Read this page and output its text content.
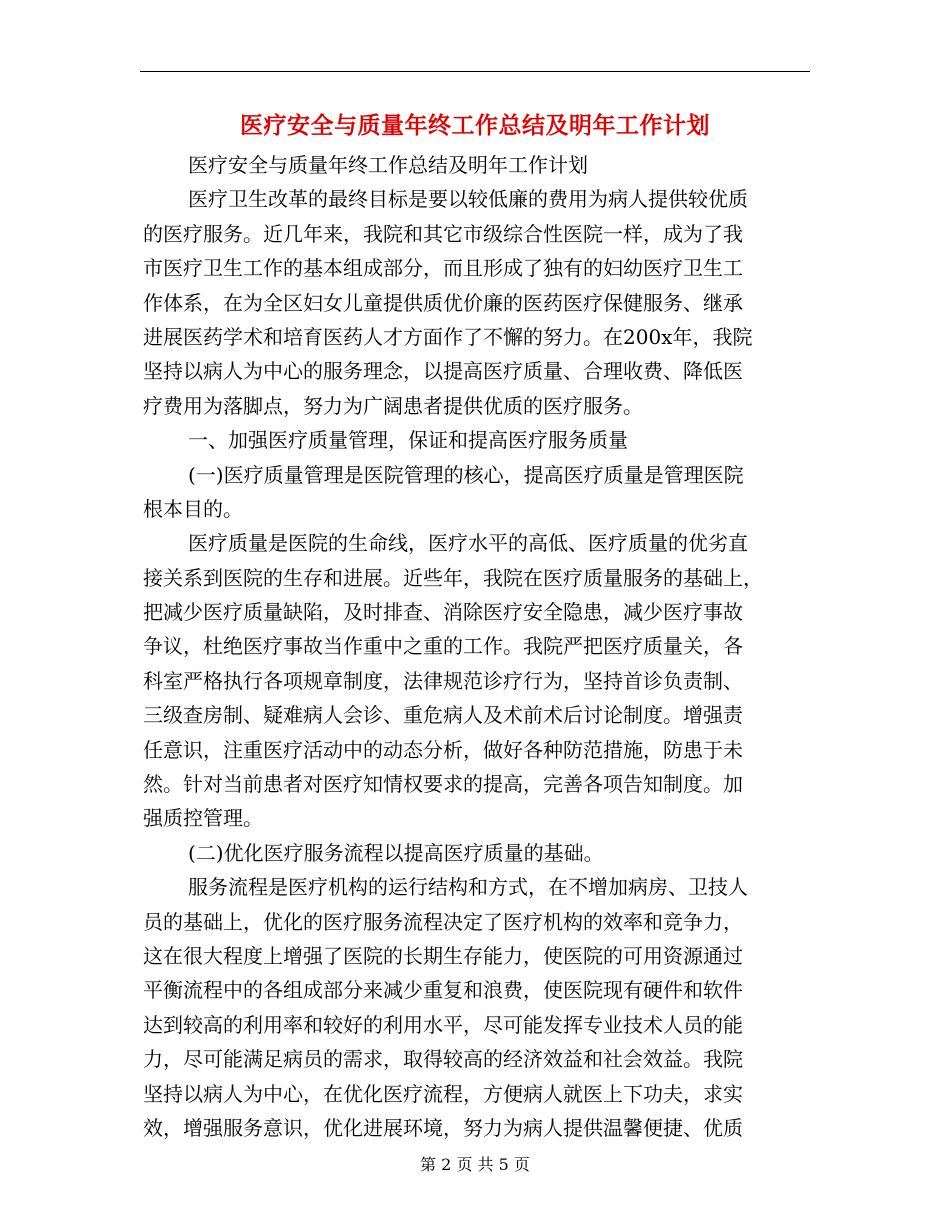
医疗安全与质量年终工作总结及明年工作计划
医疗安全与质量年终工作总结及明年工作计划
医疗卫生改革的最终目标是要以较低廉的费用为病人提供较优质
的医疗服务。近几年来，我院和其它市级综合性医院一样，成为了我
市医疗卫生工作的基本组成部分，而且形成了独有的妇幼医疗卫生工
作体系，在为全区妇女儿童提供质优价廉的医药医疗保健服务、继承
进展医药学术和培育医药人才方面作了不懈的努力。在200x年，我院
坚持以病人为中心的服务理念，以提高医疗质量、合理收费、降低医
疗费用为落脚点，努力为广阔患者提供优质的医疗服务。
一、加强医疗质量管理，保证和提高医疗服务质量
(一)医疗质量管理是医院管理的核心，提高医疗质量是管理医院
根本目的。
医疗质量是医院的生命线，医疗水平的高低、医疗质量的优劣直
接关系到医院的生存和进展。近些年，我院在医疗质量服务的基础上，
把减少医疗质量缺陷，及时排查、消除医疗安全隐患，减少医疗事故
争议，杜绝医疗事故当作重中之重的工作。我院严把医疗质量关，各
科室严格执行各项规章制度，法律规范诊疗行为，坚持首诊负责制、
三级查房制、疑难病人会诊、重危病人及术前术后讨论制度。增强责
任意识，注重医疗活动中的动态分析，做好各种防范措施，防患于未
然。针对当前患者对医疗知情权要求的提高，完善各项告知制度。加
强质控管理。
(二)优化医疗服务流程以提高医疗质量的基础。
服务流程是医疗机构的运行结构和方式，在不增加病房、卫技人
员的基础上，优化的医疗服务流程决定了医疗机构的效率和竞争力，
这在很大程度上增强了医院的长期生存能力，使医院的可用资源通过
平衡流程中的各组成部分来减少重复和浪费，使医院现有硬件和软件
达到较高的利用率和较好的利用水平，尽可能发挥专业技术人员的能
力，尽可能满足病员的需求，取得较高的经济效益和社会效益。我院
坚持以病人为中心，在优化医疗流程，方便病人就医上下功夫，求实
效，增强服务意识，优化进展环境，努力为病人提供温馨便捷、优质
第 2 页 共 5 页
